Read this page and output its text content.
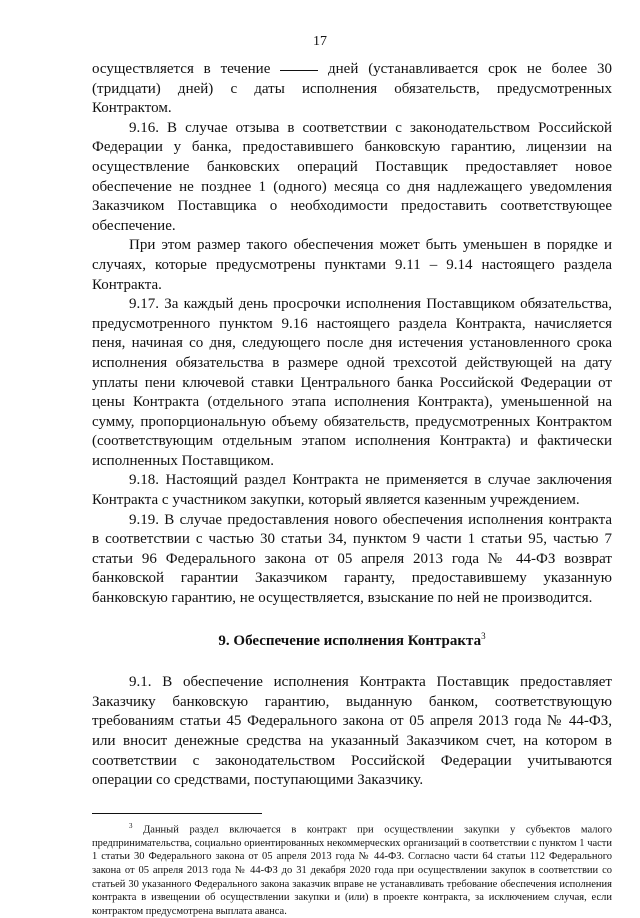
17

осуществляется в течение	дней (устанавливается срок не более 30 (тридцати) дней) с даты исполнения обязательств, предусмотренных Контрактом.

9.16. В случае отзыва в соответствии с законодательством Российской Федерации у банка, предоставившего банковскую гарантию, лицензии на осуществление банковских операций Поставщик предоставляет новое обеспечение не позднее 1 (одного) месяца со дня надлежащего уведомления Заказчиком Поставщика о необходимости предоставить соответствующее обеспечение.

При этом размер такого обеспечения может быть уменьшен в порядке и случаях, которые предусмотрены пунктами 9.11 – 9.14 настоящего раздела Контракта.

9.17. За каждый день просрочки исполнения Поставщиком обязательства, предусмотренного пунктом 9.16 настоящего раздела Контракта, начисляется пеня, начиная со дня, следующего после дня истечения установленного срока исполнения обязательства в размере одной трехсотой действующей на дату уплаты пени ключевой ставки Центрального банка Российской Федерации от цены Контракта (отдельного этапа исполнения Контракта), уменьшенной на сумму, пропорциональную объему обязательств, предусмотренных Контрактом (соответствующим отдельным этапом исполнения Контракта) и фактически исполненных Поставщиком.

9.18. Настоящий раздел Контракта не применяется в случае заключения Контракта с участником закупки, который является казенным учреждением.

9.19. В случае предоставления нового обеспечения исполнения контракта в соответствии с частью 30 статьи 34, пунктом 9 части 1 статьи 95, частью 7 статьи 96 Федерального закона от 05 апреля 2013 года № 44-ФЗ возврат банковской гарантии Заказчиком гаранту, предоставившему указанную банковскую гарантию, не осуществляется, взыскание по ней не производится.

9. Обеспечение исполнения Контракта$^3$

9.1. В обеспечение исполнения Контракта Поставщик предоставляет Заказчику банковскую гарантию, выданную банком, соответствующую требованиям статьи 45 Федерального закона от 05 апреля 2013 года № 44-ФЗ, или вносит денежные средства на указанный Заказчиком счет, на котором в соответствии с законодательством Российской Федерации учитываются операции со средствами, поступающими Заказчику.

$^3$ Данный раздел включается в контракт при осуществлении закупки у субъектов малого предпринимательства, социально ориентированных некоммерческих организаций в соответствии с пунктом 1 части 1 статьи 30 Федерального закона от 05 апреля 2013 года № 44-ФЗ. Согласно части 64 статьи 112 Федерального закона от 05 апреля 2013 года № 44-ФЗ до 31 декабря 2020 года при осуществлении закупок в соответствии со статьей 30 указанного Федерального закона заказчик вправе не устанавливать требование обеспечения исполнения контракта в извещении об осуществлении закупки и (или) в проекте контракта, за исключением случая, если контрактом предусмотрена выплата аванса.
